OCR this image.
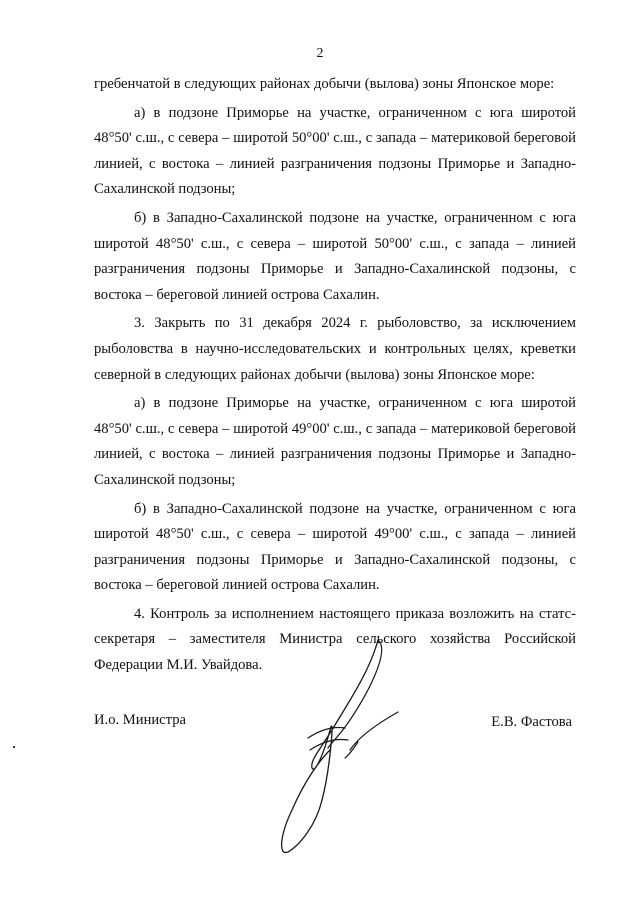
2

гребенчатой в следующих районах добычи (вылова) зоны Японское море:

а) в подзоне Приморье на участке, ограниченном с юга широтой 48°50' с.ш., с севера – широтой 50°00' с.ш., с запада – материковой береговой линией, с востока – линией разграничения подзоны Приморье и Западно-Сахалинской подзоны;

б) в Западно-Сахалинской подзоне на участке, ограниченном с юга широтой 48°50' с.ш., с севера – широтой 50°00' с.ш., с запада – линией разграничения подзоны Приморье и Западно-Сахалинской подзоны, с востока – береговой линией острова Сахалин.

3. Закрыть по 31 декабря 2024 г. рыболовство, за исключением рыболовства в научно-исследовательских и контрольных целях, креветки северной в следующих районах добычи (вылова) зоны Японское море:

а) в подзоне Приморье на участке, ограниченном с юга широтой 48°50' с.ш., с севера – широтой 49°00' с.ш., с запада – материковой береговой линией, с востока – линией разграничения подзоны Приморье и Западно-Сахалинской подзоны;

б) в Западно-Сахалинской подзоне на участке, ограниченном с юга широтой 48°50' с.ш., с севера – широтой 49°00' с.ш., с запада – линией разграничения подзоны Приморье и Западно-Сахалинской подзоны, с востока – береговой линией острова Сахалин.

4. Контроль за исполнением настоящего приказа возложить на статс-секретаря – заместителя Министра сельского хозяйства Российской Федерации М.И. Увайдова.

И.о. Министра	Е.В. Фастова
